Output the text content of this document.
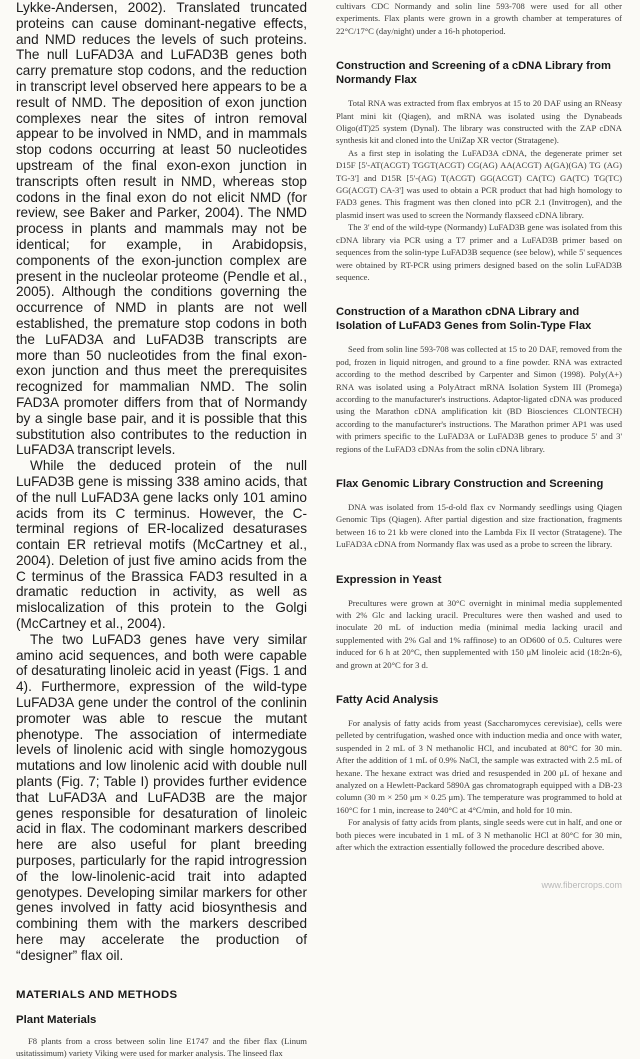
Lykke-Andersen, 2002). Translated truncated proteins can cause dominant-negative effects, and NMD reduces the levels of such proteins. The null LuFAD3A and LuFAD3B genes both carry premature stop codons, and the reduction in transcript level observed here appears to be a result of NMD. The deposition of exon junction complexes near the sites of intron removal appear to be involved in NMD, and in mammals stop codons occurring at least 50 nucleotides upstream of the final exon-exon junction in transcripts often result in NMD, whereas stop codons in the final exon do not elicit NMD (for review, see Baker and Parker, 2004). The NMD process in plants and mammals may not be identical; for example, in Arabidopsis, components of the exon-junction complex are present in the nucleolar proteome (Pendle et al., 2005). Although the conditions governing the occurrence of NMD in plants are not well established, the premature stop codons in both the LuFAD3A and LuFAD3B transcripts are more than 50 nucleotides from the final exon-exon junction and thus meet the prerequisites recognized for mammalian NMD. The solin FAD3A promoter differs from that of Normandy by a single base pair, and it is possible that this substitution also contributes to the reduction in LuFAD3A transcript levels.

While the deduced protein of the null LuFAD3B gene is missing 338 amino acids, that of the null LuFAD3A gene lacks only 101 amino acids from its C terminus. However, the C-terminal regions of ER-localized desaturases contain ER retrieval motifs (McCartney et al., 2004). Deletion of just five amino acids from the C terminus of the Brassica FAD3 resulted in a dramatic reduction in activity, as well as mislocalization of this protein to the Golgi (McCartney et al., 2004).

The two LuFAD3 genes have very similar amino acid sequences, and both were capable of desaturating linoleic acid in yeast (Figs. 1 and 4). Furthermore, expression of the wild-type LuFAD3A gene under the control of the conlinin promoter was able to rescue the mutant phenotype. The association of intermediate levels of linolenic acid with single homozygous mutations and low linolenic acid with double null plants (Fig. 7; Table I) provides further evidence that LuFAD3A and LuFAD3B are the major genes responsible for desaturation of linoleic acid in flax. The codominant markers described here are also useful for plant breeding purposes, particularly for the rapid introgression of the low-linolenic-acid trait into adapted genotypes. Developing similar markers for other genes involved in fatty acid biosynthesis and combining them with the markers described here may accelerate the production of “designer” flax oil.

MATERIALS AND METHODS
Plant Materials
F8 plants from a cross between solin line E1747 and the fiber flax (Linum usitatissimum) variety Viking were used for marker analysis. The linseed flax

cultivars CDC Normandy and solin line 593-708 were used for all other experiments. Flax plants were grown in a growth chamber at temperatures of 22°C/17°C (day/night) under a 16-h photoperiod.

Construction and Screening of a cDNA Library from Normandy Flax

Total RNA was extracted from flax embryos at 15 to 20 DAF using an RNeasy Plant mini kit (Qiagen), and mRNA was isolated using the Dynabeads Oligo(dT)25 system (Dynal). The library was constructed with the ZAP cDNA synthesis kit and cloned into the UniZap XR vector (Stratagene).

As a first step in isolating the LuFAD3A cDNA, the degenerate primer set D15F [5'-AT(ACGT) TGGT(ACGT) CG(AG) AA(ACGT) A(GA)(GA) TG (AG) TG-3'] and D15R [5'-(AG) T(ACGT) GG(ACGT) CA(TC) GA(TC) TG(TC) GG(ACGT) CA-3'] was used to obtain a PCR product that had high homology to FAD3 genes. This fragment was then cloned into pCR 2.1 (Invitrogen), and the plasmid insert was used to screen the Normandy flaxseed cDNA library.

The 3' end of the wild-type (Normandy) LuFAD3B gene was isolated from this cDNA library via PCR using a T7 primer and a LuFAD3B primer based on sequences from the solin-type LuFAD3B sequence (see below), while 5' sequences were obtained by RT-PCR using primers designed based on the solin LuFAD3B sequence.

Construction of a Marathon cDNA Library and Isolation of LuFAD3 Genes from Solin-Type Flax

Seed from solin line 593-708 was collected at 15 to 20 DAF, removed from the pod, frozen in liquid nitrogen, and ground to a fine powder. RNA was extracted according to the method described by Carpenter and Simon (1998). Poly(A+) RNA was isolated using a PolyAtract mRNA Isolation System III (Promega) according to the manufacturer's instructions. Adaptor-ligated cDNA was produced using the Marathon cDNA amplification kit (BD Biosciences CLONTECH) according to the manufacturer's instructions. The Marathon primer AP1 was used with primers specific to the LuFAD3A or LuFAD3B genes to produce 5' and 3' regions of the LuFAD3 cDNAs from the solin cDNA library.

Flax Genomic Library Construction and Screening

DNA was isolated from 15-d-old flax cv Normandy seedlings using Qiagen Genomic Tips (Qiagen). After partial digestion and size fractionation, fragments between 16 to 21 kb were cloned into the Lambda Fix II vector (Stratagene). The LuFAD3A cDNA from Normandy flax was used as a probe to screen the library.

Expression in Yeast

Precultures were grown at 30°C overnight in minimal media supplemented with 2% Glc and lacking uracil. Precultures were then washed and used to inoculate 20 mL of induction media (minimal media lacking uracil and supplemented with 2% Gal and 1% raffinose) to an OD600 of 0.5. Cultures were induced for 6 h at 20°C, then supplemented with 150 μM linoleic acid (18:2n-6), and grown at 20°C for 3 d.

Fatty Acid Analysis

For analysis of fatty acids from yeast (Saccharomyces cerevisiae), cells were pelleted by centrifugation, washed once with induction media and once with water, suspended in 2 mL of 3 N methanolic HCl, and incubated at 80°C for 30 min. After the addition of 1 mL of 0.9% NaCl, the sample was extracted with 2.5 mL of hexane. The hexane extract was dried and resuspended in 200 μL of hexane and analyzed on a Hewlett-Packard 5890A gas chromatograph equipped with a DB-23 column (30 m × 250 μm × 0.25 μm). The temperature was programmed to hold at 160°C for 1 min, increase to 240°C at 4°C/min, and hold for 10 min.

For analysis of fatty acids from plants, single seeds were cut in half, and one or both pieces were incubated in 1 mL of 3 N methanolic HCl at 80°C for 30 min, after which the extraction essentially followed the procedure described above.

www.fibercrops.com
